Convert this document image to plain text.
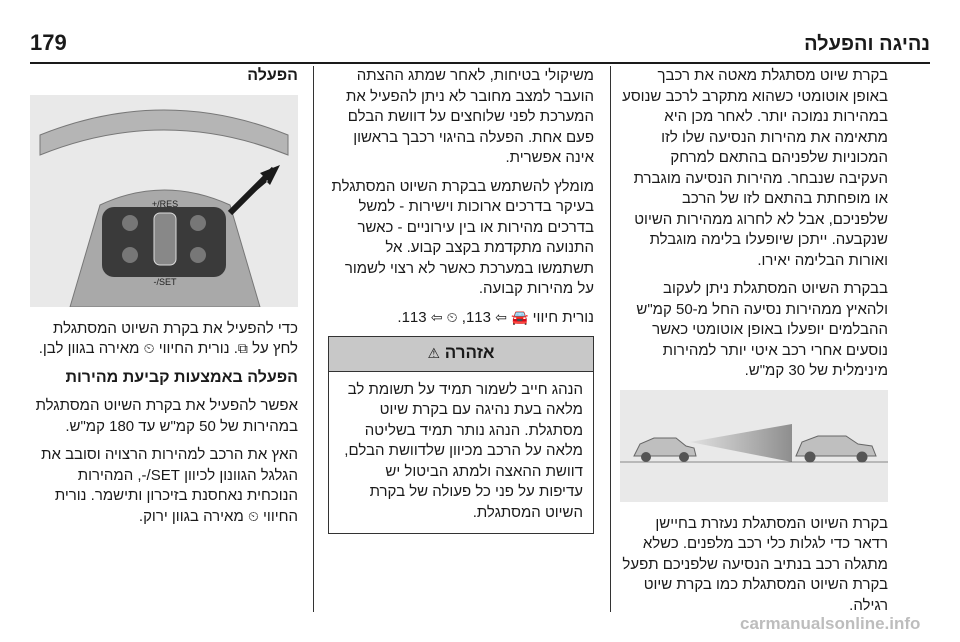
179	נהיגה והפעלה

בקרת שיוט מסתגלת מאטה את רכבך באופן אוטומטי כשהוא מתקרב לרכב שנוסע במהירות נמוכה יותר. לאחר מכן היא מתאימה את מהירות הנסיעה שלו לזו המכוניות שלפניהם בהתאם למרחק העקיבה שנבחר. מהירות הנסיעה מוגברת או מופחתת בהתאם לזו של הרכב שלפניכם, אבל לא לחרוג ממהירות השיוט שנקבעה. ייתכן שיופעלו בלימה מוגבלת ואורות הבלימה יאירו.

בבקרת השיוט המסתגלת ניתן לעקוב ולהאיץ ממהירות נסיעה החל מ-50 קמ"ש ההבלמים יופעלו באופן אוטומטי כאשר נוסעים אחרי רכב איטי יותר למהירות מינימלית של 30 קמ"ש.

בקרת השיוט המסתגלת נעזרת בחיישן רדאר כדי לגלות כלי רכב מלפנים. כשלא מתגלה רכב בנתיב הנסיעה שלפניכם תפעל בקרת השיוט המסתגלת כמו בקרת שיוט רגילה.

משיקולי בטיחות, לאחר שמתג ההצתה הועבר למצב מחובר לא ניתן להפעיל את המערכת לפני שלוחצים על דוושת הבלם פעם אחת. הפעלה בהיגוי רכבך בראשון אינה אפשרית.

מומלץ להשתמש בבקרת השיוט המסתגלת בעיקר בדרכים ארוכות וישירות - למשל בדרכים מהירות או בין עירוניים - כאשר התנועה מתקדמת בקצב קבוע. אל תשתמשו במערכת כאשר לא רצוי לשמור על מהירות קבועה.

נורית חיווי 🚘 ⇦ 113, ⏲ ⇦ 113.

אזהרה ⚠
הנהג חייב לשמור תמיד על תשומת לב מלאה בעת נהיגה עם בקרת שיוט מסתגלת. הנהג נותר תמיד בשליטה מלאה על הרכב מכיוון שלדוושת הבלם, דוושת ההאצה ולמתג הביטול יש עדיפות על פני כל פעולה של בקרת השיוט המסתגלת.
הפעלה
RES/+
SET/-

כדי להפעיל את בקרת השיוט המסתגלת לחץ על ⧉. נורית החיווי ⏲ מאירה בגוון לבן.

הפעלה באמצעות קביעת מהירות

אפשר להפעיל את בקרת השיוט המסתגלת במהירות של 50 קמ"ש עד 180 קמ"ש.

האץ את הרכב למהירות הרצויה וסובב את הגלגל הגוונון לכיוון SET/-, המהירות הנוכחית נאחסנת בזיכרון ותישמר. נורית החיווי ⏲ מאירה בגוון ירוק.

carmanualsonline.info
